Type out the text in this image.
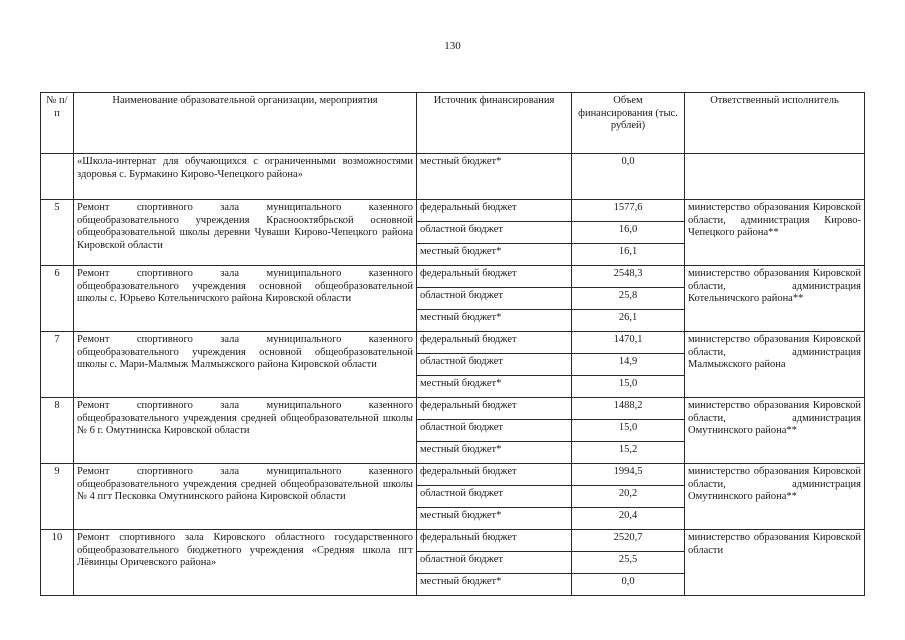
130
№ п/п	Наименование образовательной организации, мероприятия	Источник финансирования	Объем финансирования (тыс. рублей)	Ответственный исполнитель
	«Школа-интернат для обучающихся с ограниченными возможностями здоровья с. Бурмакино Кирово-Чепецкого района»	местный бюджет*	0,0	
5	Ремонт спортивного зала муниципального казенного общеобразовательного учреждения Краснооктябрьской основной общеобразовательной школы деревни Чуваши Кирово-Чепецкого района Кировской области	федеральный бюджет	1577,6	министерство образования Кировской области, администрация Кирово-Чепецкого района**
		областной бюджет	16,0	
		местный бюджет*	16,1	
6	Ремонт спортивного зала муниципального казенного общеобразовательного учреждения основной общеобразовательной школы с. Юрьево Котельничского района Кировской области	федеральный бюджет	2548,3	министерство образования Кировской области, администрация Котельничского района**
		областной бюджет	25,8	
		местный бюджет*	26,1	
7	Ремонт спортивного зала муниципального казенного общеобразовательного учреждения основной общеобразовательной школы с. Мари-Малмыж Малмыжского района Кировской области	федеральный бюджет	1470,1	министерство образования Кировской области, администрация Малмыжского района
		областной бюджет	14,9	
		местный бюджет*	15,0	
8	Ремонт спортивного зала муниципального казенного общеобразовательного учреждения средней общеобразовательной школы № 6 г. Омутнинска Кировской области	федеральный бюджет	1488,2	министерство образования Кировской области, администрация Омутнинского района**
		областной бюджет	15,0	
		местный бюджет*	15,2	
9	Ремонт спортивного зала муниципального казенного общеобразовательного учреждения средней общеобразовательной школы № 4 пгт Песковка Омутнинского района Кировской области	федеральный бюджет	1994,5	министерство образования Кировской области, администрация Омутнинского района**
		областной бюджет	20,2	
		местный бюджет*	20,4	
10	Ремонт спортивного зала Кировского областного государственного общеобразовательного бюджетного учреждения «Средняя школа пгт Лёвинцы Оричевского района»	федеральный бюджет	2520,7	министерство образования Кировской области
		областной бюджет	25,5	
		местный бюджет*	0,0	
